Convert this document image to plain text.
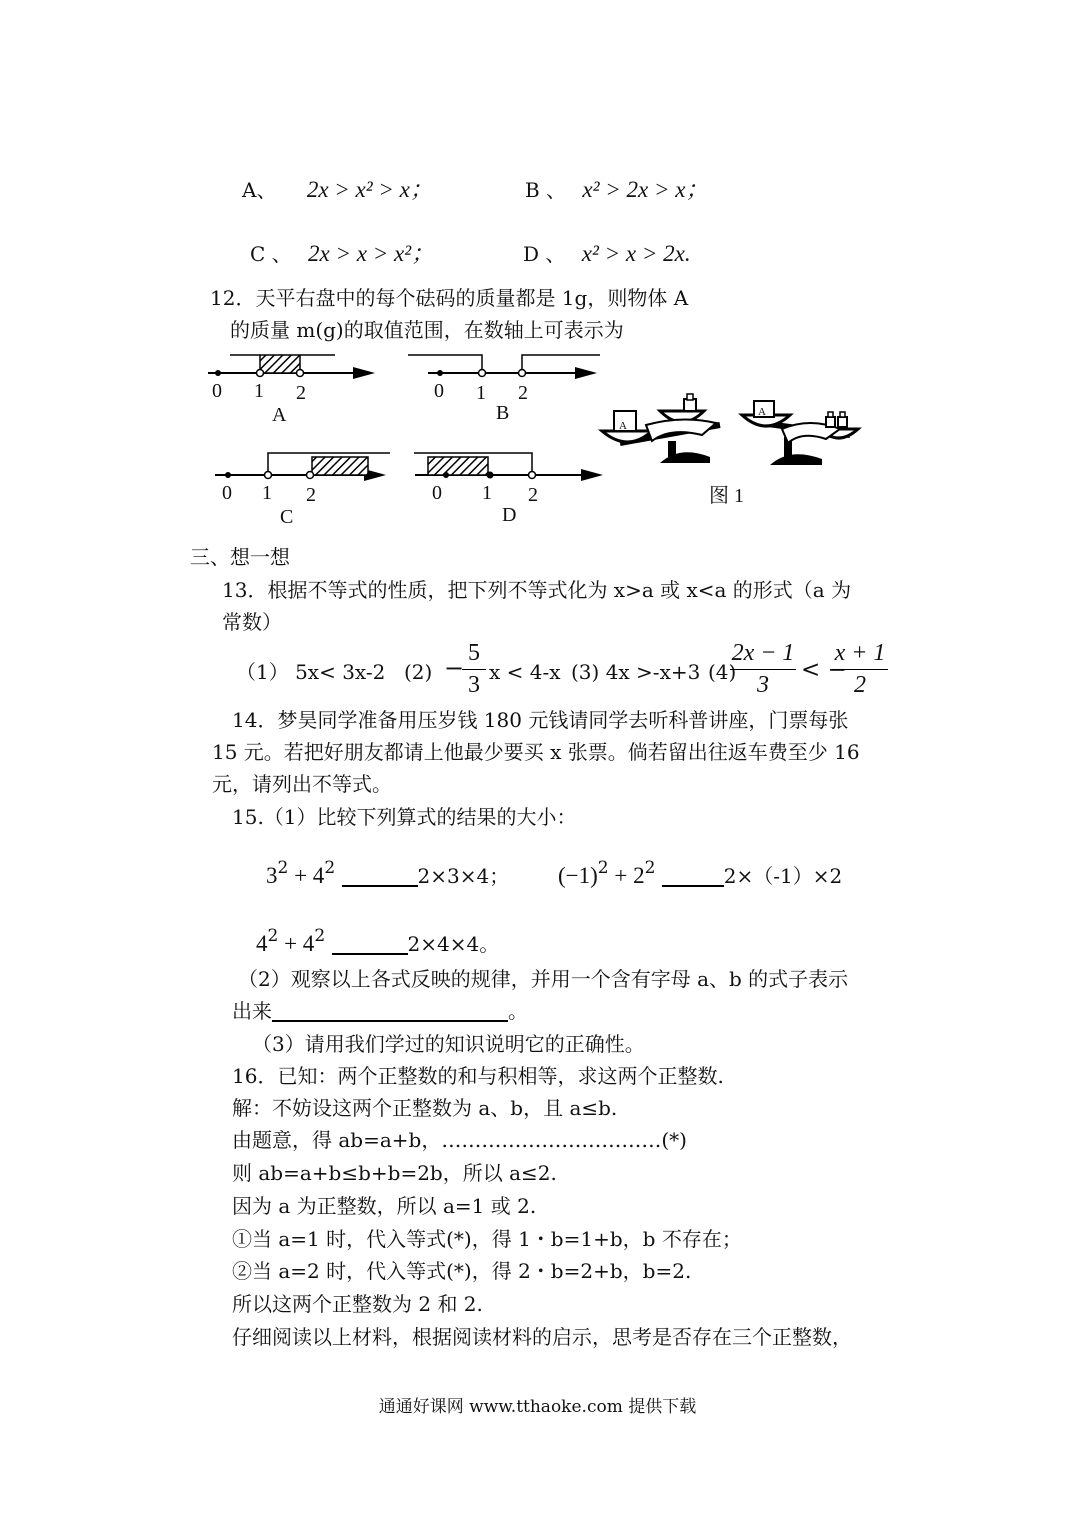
A、 2x > x² > x；	B 、 x² > 2x > x；
C 、 2x > x > x²；	D 、 x² > x > 2x.
12．天平右盘中的每个砝码的质量都是 1g，则物体 A
的质量 m(g)的取值范围，在数轴上可表示为
0 1 2
A
0 1 2
B
0 1 2
C
0 1 2
D
A
A
图 1
三、想一想
13．根据不等式的性质，把下列不等式化为 x>a 或 x<a 的形式（a 为
常数）
（1） 5x< 3x-2 (2) −
5
3 x < 4-x (3) 4x >-x+3 (4)
2x − 1
3
< −
x + 1
2
14．梦昊同学准备用压岁钱 180 元钱请同学去听科普讲座，门票每张
15 元。若把好朋友都请上他最少要买 x 张票。倘若留出往返车费至少 16
元，请列出不等式。
15.（1）比较下列算式的结果的大小：
$3^2 + 4^2$	2×3×4； $(-1)^2 + 2^2$	2×（-1）×2
$4^2 + 4^2$	2×4×4。
（2）观察以上各式反映的规律，并用一个含有字母 a、b 的式子表示
出来	。
（3）请用我们学过的知识说明它的正确性。
16．已知：两个正整数的和与积相等，求这两个正整数.
解：不妨设这两个正整数为 a、b，且 a≤b.
由题意，得 ab=a+b，……………………………(*)
则 ab=a+b≤b+b=2b，所以 a≤2.
因为 a 为正整数，所以 a=1 或 2.
①当 a=1 时，代入等式(*)，得 1・b=1+b，b 不存在；
②当 a=2 时，代入等式(*)，得 2・b=2+b，b=2.
所以这两个正整数为 2 和 2.
仔细阅读以上材料，根据阅读材料的启示，思考是否存在三个正整数，
通通好课网 www.tthaoke.com 提供下载
